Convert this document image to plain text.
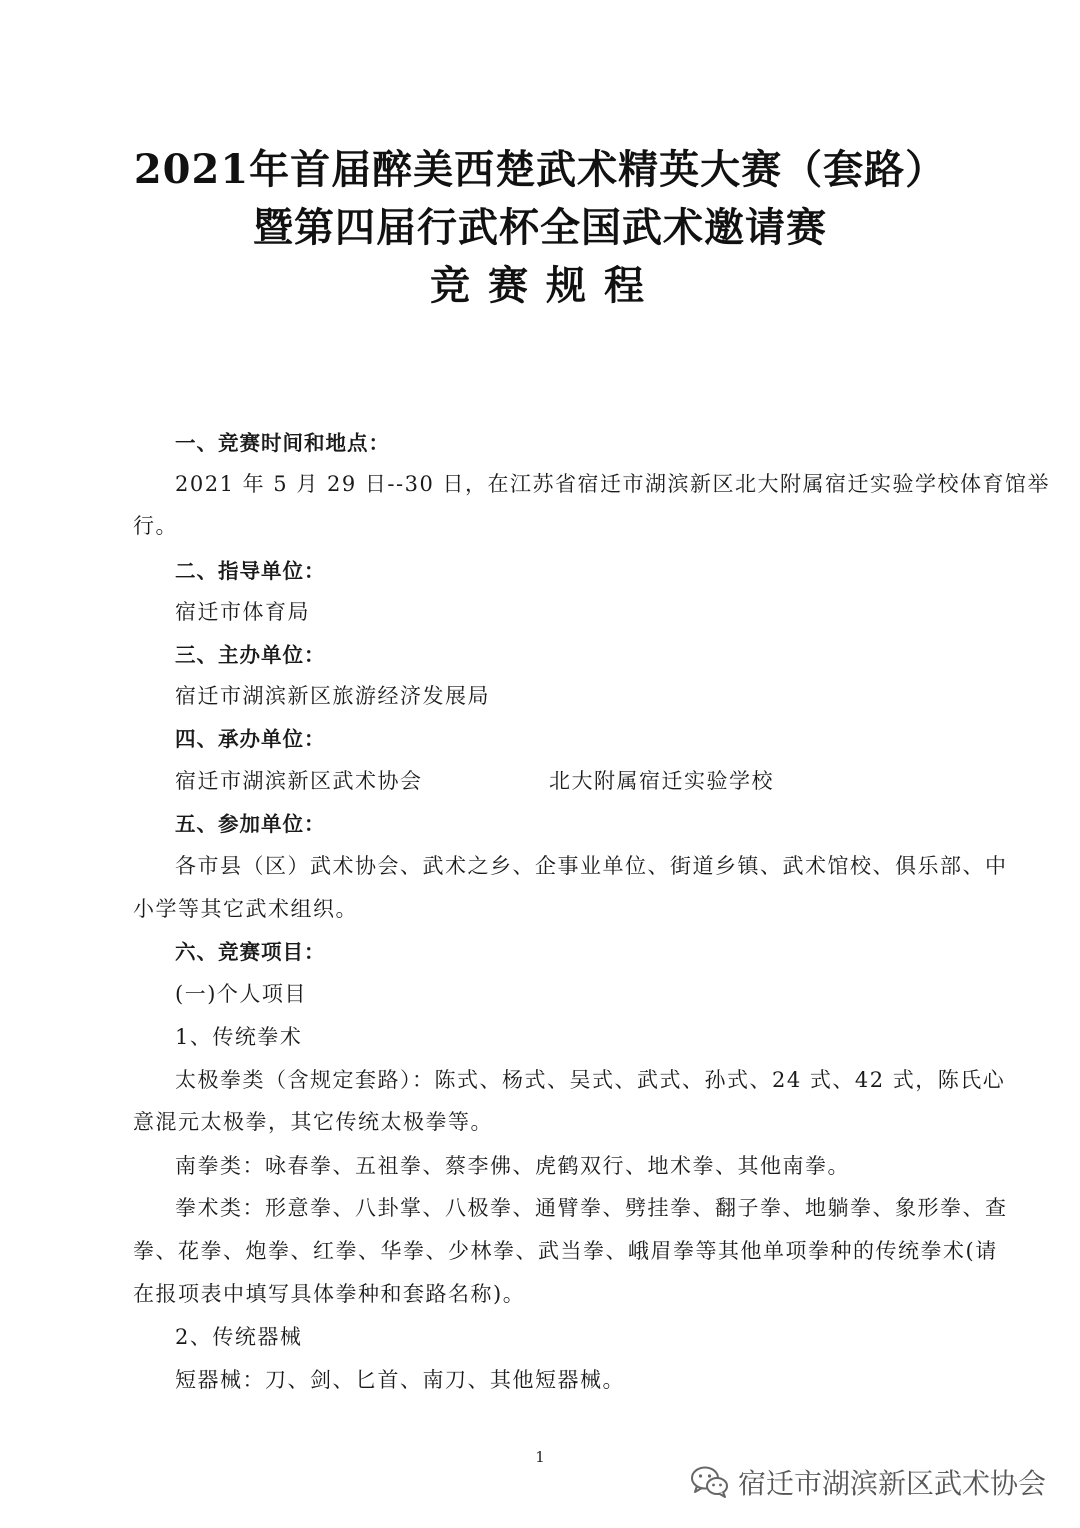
2021年首届醉美西楚武术精英大赛（套路）
暨第四届行武杯全国武术邀请赛
竞赛规程
一、竞赛时间和地点：
2021 年 5 月 29 日--30 日，在江苏省宿迁市湖滨新区北大附属宿迁实验学校体育馆举
行。
二、指导单位：
宿迁市体育局
三、主办单位：
宿迁市湖滨新区旅游经济发展局
四、承办单位：
宿迁市湖滨新区武术协会	北大附属宿迁实验学校
五、参加单位：
各市县（区）武术协会、武术之乡、企事业单位、街道乡镇、武术馆校、俱乐部、中
小学等其它武术组织。
六、竞赛项目：
(一)个人项目
1、传统拳术
太极拳类（含规定套路）：陈式、杨式、吴式、武式、孙式、24 式、42 式，陈氏心
意混元太极拳，其它传统太极拳等。
南拳类：咏春拳、五祖拳、蔡李佛、虎鹤双行、地术拳、其他南拳。
拳术类：形意拳、八卦掌、八极拳、通臂拳、劈挂拳、翻子拳、地躺拳、象形拳、查
拳、花拳、炮拳、红拳、华拳、少林拳、武当拳、峨眉拳等其他单项拳种的传统拳术(请
在报项表中填写具体拳种和套路名称)。
2、传统器械
短器械：刀、剑、匕首、南刀、其他短器械。
1
宿迁市湖滨新区武术协会
